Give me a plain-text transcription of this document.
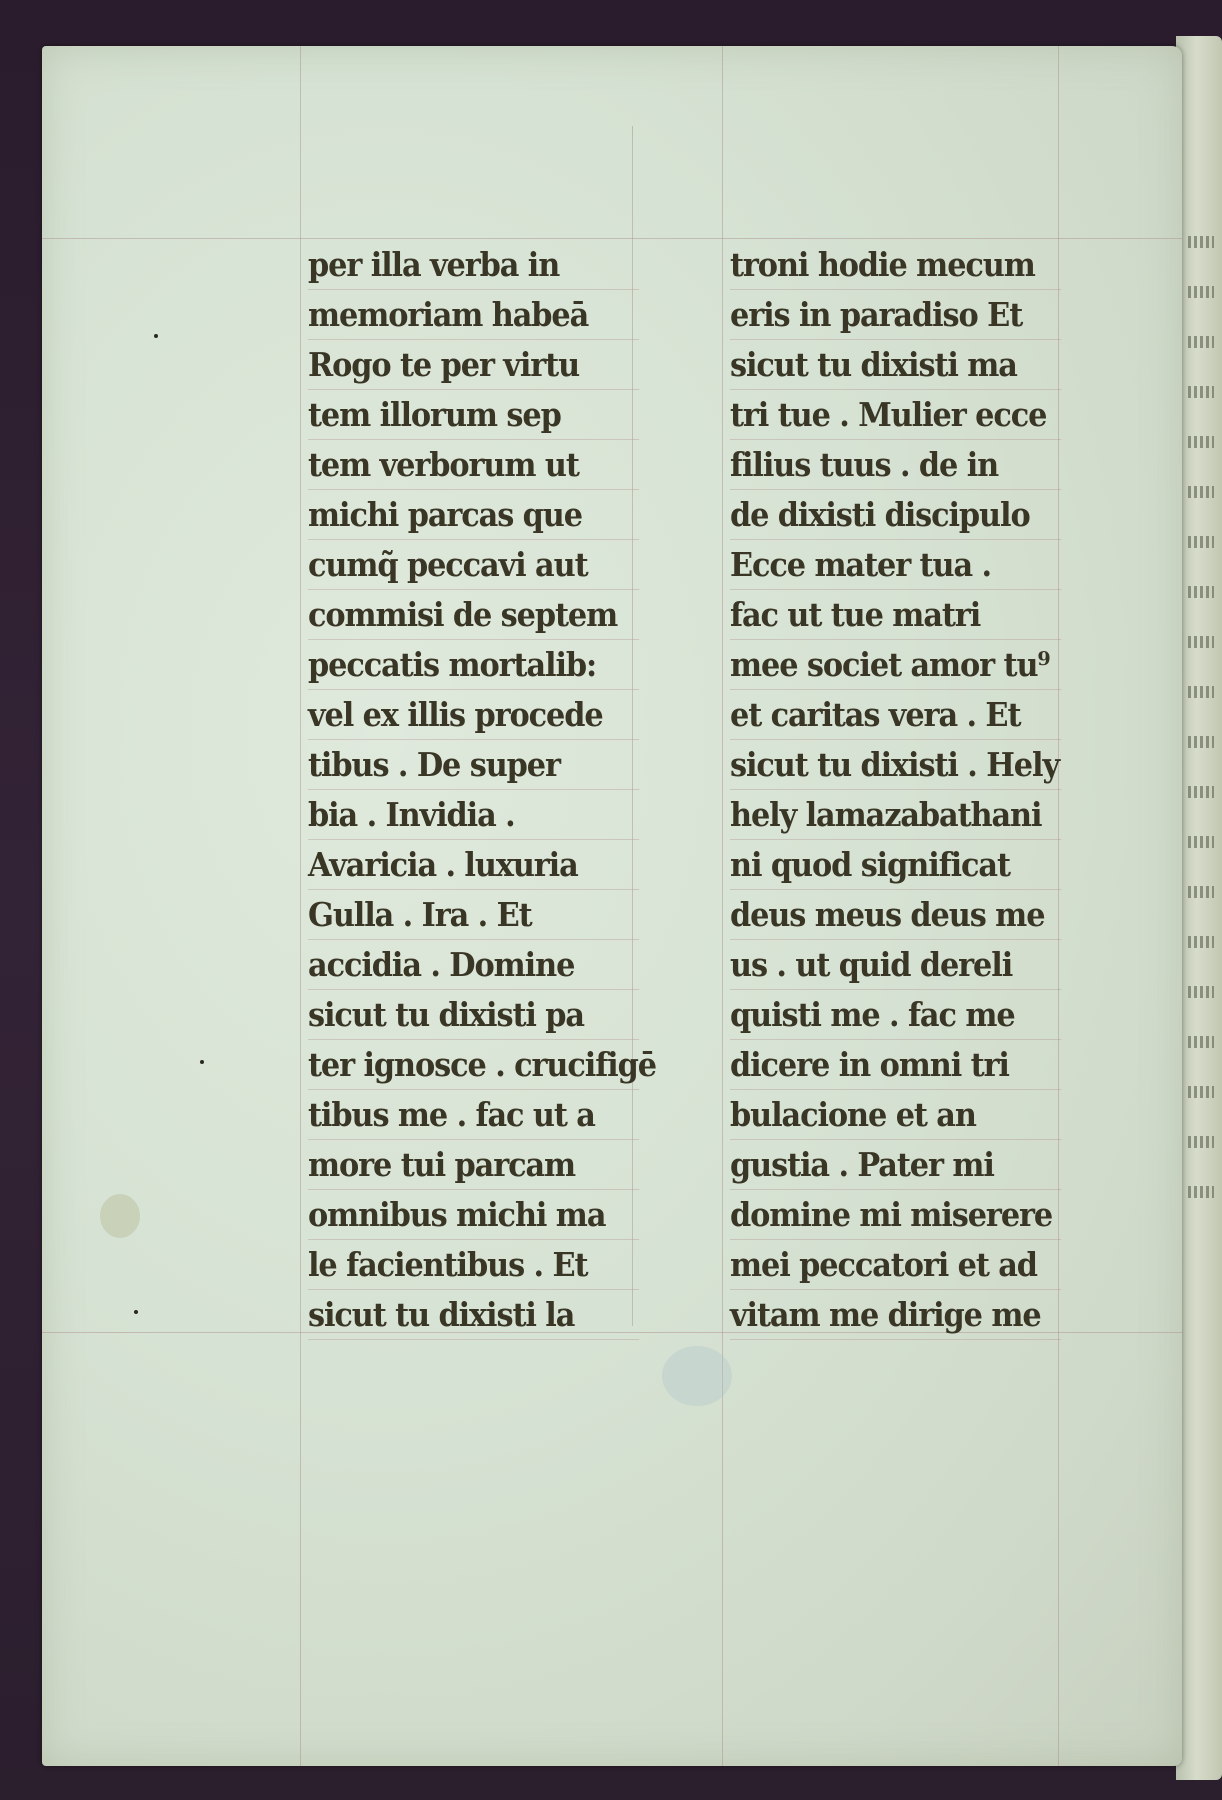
per illa verba in
memoriam habeā
Rogo te per virtu
tem illorum sep
tem verborum ut
michi parcas que
cumq̃ peccavi aut
commisi de septem
peccatis mortalib:
vel ex illis procede
tibus . De super
bia . Invidia .
Avaricia . luxuria
Gulla . Ira . Et
accidia . Domine
sicut tu dixisti pa
ter ignosce . crucifigē
tibus me . fac ut a
more tui parcam
omnibus michi ma
le facientibus . Et
sicut tu dixisti la
troni hodie mecum
eris in paradiso Et
sicut tu dixisti ma
tri tue . Mulier ecce
filius tuus . de in
de dixisti discipulo
Ecce mater tua .
fac ut tue matri
mee societ amor tu⁹
et caritas vera . Et
sicut tu dixisti . Hely
hely lamazabathani
ni quod significat
deus meus deus me
us . ut quid dereli
quisti me . fac me
dicere in omni tri
bulacione et an
gustia . Pater mi
domine mi miserere
mei peccatori et ad
vitam me dirige me
